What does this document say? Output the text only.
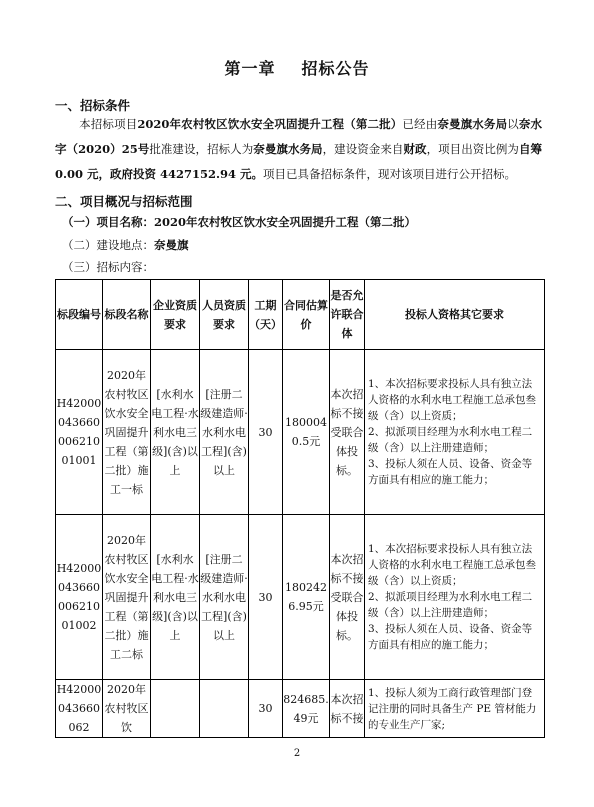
第一章 招标公告
一、招标条件
本招标项目2020年农村牧区饮水安全巩固提升工程（第二批）已经由奈曼旗水务局以奈水字（2020）25号批准建设，招标人为奈曼旗水务局，建设资金来自财政，项目出资比例为自筹 0.00 元，政府投资 4427152.94 元。项目已具备招标条件，现对该项目进行公开招标。
二、项目概况与招标范围
（一）项目名称：2020年农村牧区饮水安全巩固提升工程（第二批）
（二）建设地点：奈曼旗
（三）招标内容：
标段编号	标段名称	企业资质要求	人员资质要求	工期（天）	合同估算价	是否允许联合体	投标人资格其它要求
H4200004366000621001001	2020年农村牧区饮水安全巩固提升工程（第二批）施工一标	[水利水电工程·水利水电三级](含)以上	[注册二级建造师·水利水电工程](含)以上	30	1800040.5元	本次招标不接受联合体投标。	1、本次招标要求投标人具有独立法人资格的水利水电工程施工总承包叁级（含）以上资质；
2、拟派项目经理为水利水电工程二级（含）以上注册建造师；
3、投标人须在人员、设备、资金等方面具有相应的施工能力；

H4200004366000621001002	2020年农村牧区饮水安全巩固提升工程（第二批）施工二标	[水利水电工程·水利水电三级](含)以上	[注册二级建造师·水利水电工程](含)以上	30	1802426.95元	本次招标不接受联合体投标。	1、本次招标要求投标人具有独立法人资格的水利水电工程施工总承包叁级（含）以上资质；
2、拟派项目经理为水利水电工程二级（含）以上注册建造师；
3、投标人须在人员、设备、资金等方面具有相应的施工能力；

H42000043660062	2020年农村牧区饮			30	824685.49元	本次招标不接	1、投标人须为工商行政管理部门登记注册的同时具备生产 PE 管材能力的专业生产厂家;
2
